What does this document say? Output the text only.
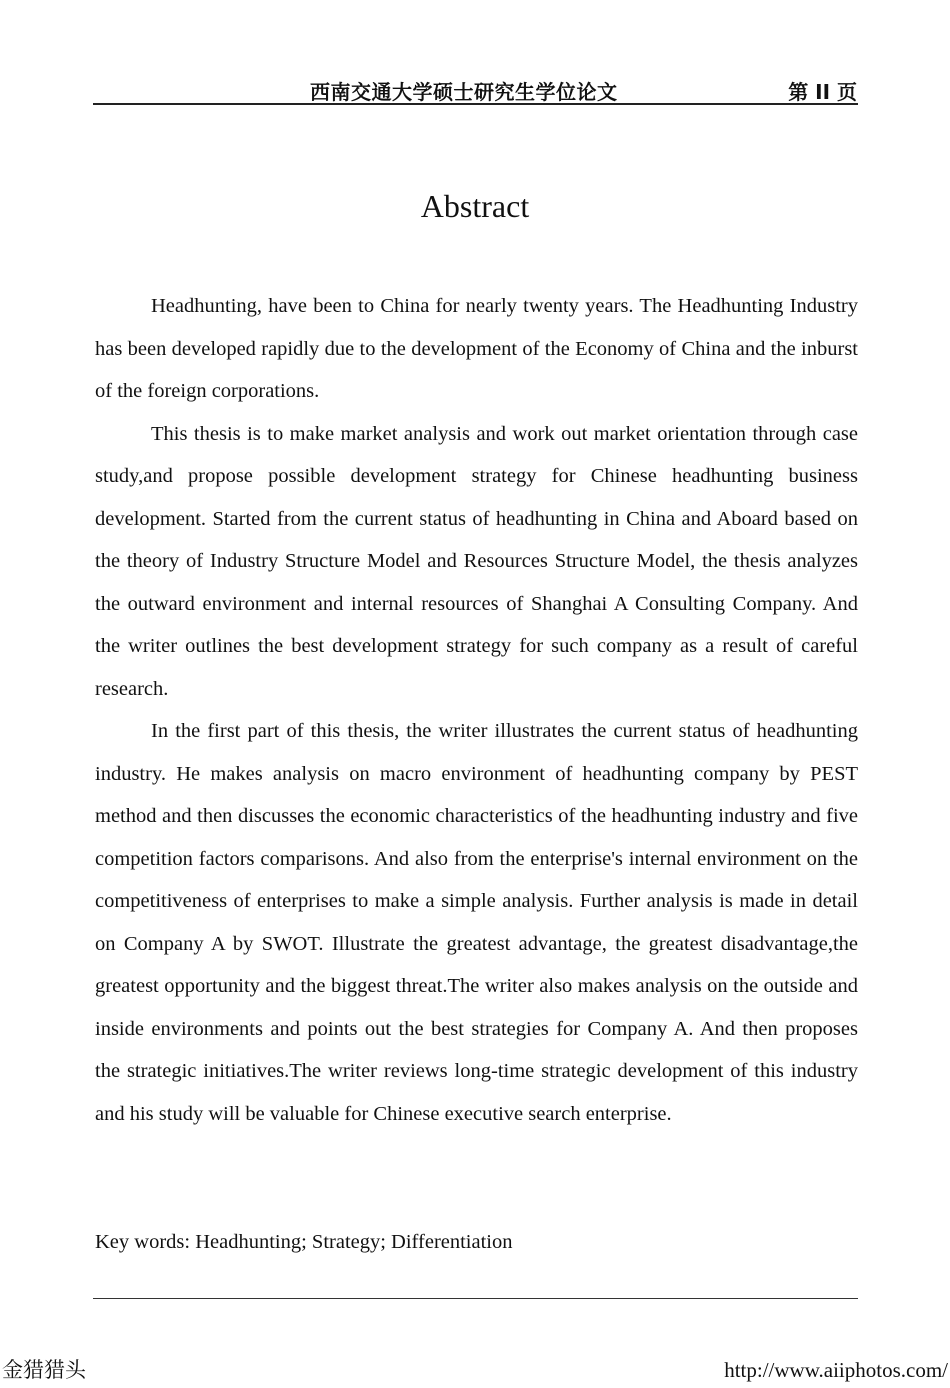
西南交通大学硕士研究生学位论文	第 II 页
Abstract

Headhunting, have been to China for nearly twenty years. The Headhunting Industry has been developed rapidly due to the development of the Economy of China and the inburst of the foreign corporations.

This thesis is to make market analysis and work out market orientation through case study,and propose possible development strategy for Chinese headhunting business development. Started from the current status of headhunting in China and Aboard based on the theory of Industry Structure Model and Resources Structure Model, the thesis analyzes the outward environment and internal resources of Shanghai A Consulting Company. And the writer outlines the best development strategy for such company as a result of careful research.

In the first part of this thesis, the writer illustrates the current status of headhunting industry. He makes analysis on macro environment of headhunting company by PEST method and then discusses the economic characteristics of the headhunting industry and five competition factors comparisons. And also from the enterprise's internal environment on the competitiveness of enterprises to make a simple analysis. Further analysis is made in detail on Company A by SWOT. Illustrate the greatest advantage, the greatest disadvantage,the greatest opportunity and the biggest threat.The writer also makes analysis on the outside and inside environments and points out the best strategies for Company A. And then proposes the strategic initiatives.The writer reviews long-time strategic development of this industry and his study will be valuable for Chinese executive search enterprise.

Key words: Headhunting; Strategy; Differentiation
金猎猎头	http://www.aiiphotos.com/
